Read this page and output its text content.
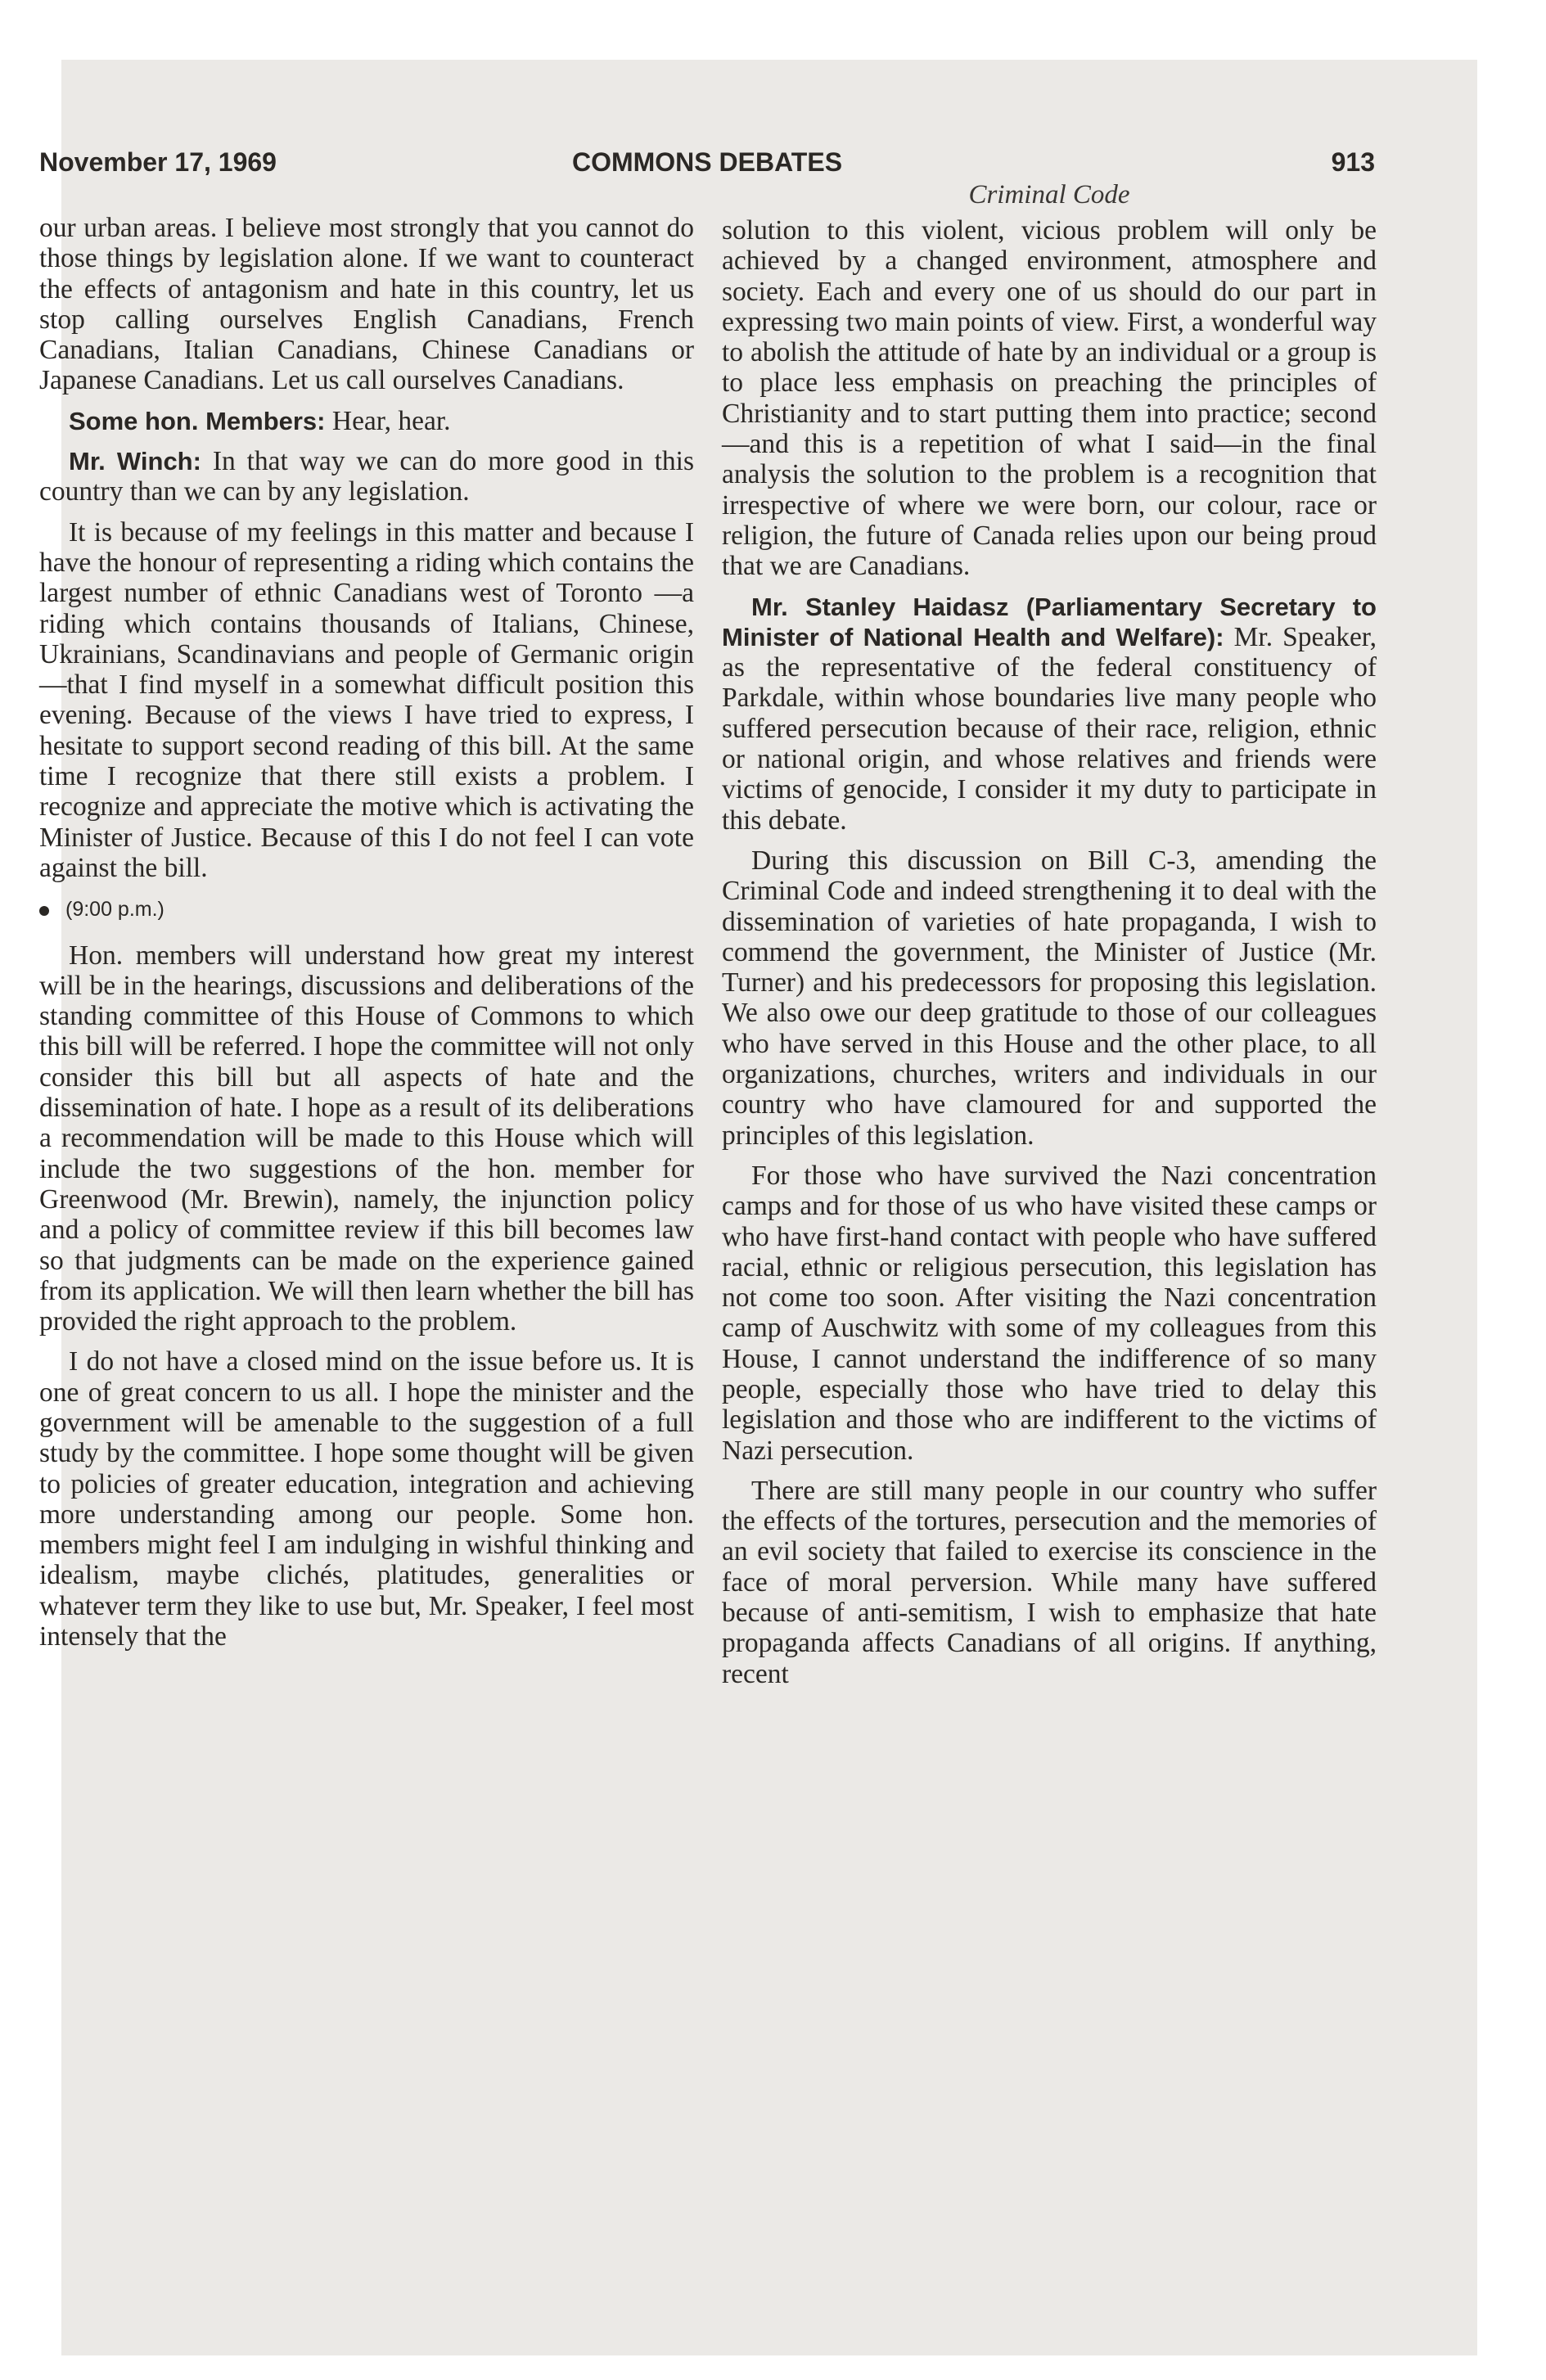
November 17, 1969	COMMONS DEBATES	913
Criminal Code

our urban areas. I believe most strongly that you cannot do those things by legislation alone. If we want to counteract the effects of antagonism and hate in this country, let us stop calling ourselves English Canadians, French Canadians, Italian Canadians, Chinese Canadians or Japanese Canadians. Let us call ourselves Canadians.

Some hon. Members: Hear, hear.

Mr. Winch: In that way we can do more good in this country than we can by any legislation.

It is because of my feelings in this matter and because I have the honour of representing a riding which contains the largest number of ethnic Canadians west of Toronto —a riding which contains thousands of Italians, Chinese, Ukrainians, Scandinavians and people of Germanic origin—that I find myself in a somewhat difficult position this evening. Because of the views I have tried to express, I hesitate to support second reading of this bill. At the same time I recognize that there still exists a problem. I recognize and appreciate the motive which is activating the Minister of Justice. Because of this I do not feel I can vote against the bill.

(9:00 p.m.)

Hon. members will understand how great my interest will be in the hearings, discussions and deliberations of the standing committee of this House of Commons to which this bill will be referred. I hope the committee will not only consider this bill but all aspects of hate and the dissemination of hate. I hope as a result of its deliberations a recommendation will be made to this House which will include the two suggestions of the hon. member for Greenwood (Mr. Brewin), namely, the injunction policy and a policy of committee review if this bill becomes law so that judgments can be made on the experience gained from its application. We will then learn whether the bill has provided the right approach to the problem.

I do not have a closed mind on the issue before us. It is one of great concern to us all. I hope the minister and the government will be amenable to the suggestion of a full study by the committee. I hope some thought will be given to policies of greater education, integration and achieving more understanding among our people. Some hon. members might feel I am indulging in wishful thinking and idealism, maybe clichés, platitudes, generalities or whatever term they like to use but, Mr. Speaker, I feel most intensely that the

solution to this violent, vicious problem will only be achieved by a changed environment, atmosphere and society. Each and every one of us should do our part in expressing two main points of view. First, a wonderful way to abolish the attitude of hate by an individual or a group is to place less emphasis on preaching the principles of Christianity and to start putting them into practice; second—and this is a repetition of what I said—in the final analysis the solution to the problem is a recognition that irrespective of where we were born, our colour, race or religion, the future of Canada relies upon our being proud that we are Canadians.

Mr. Stanley Haidasz (Parliamentary Secretary to Minister of National Health and Welfare): Mr. Speaker, as the representative of the federal constituency of Parkdale, within whose boundaries live many people who suffered persecution because of their race, religion, ethnic or national origin, and whose relatives and friends were victims of genocide, I consider it my duty to participate in this debate.

During this discussion on Bill C-3, amending the Criminal Code and indeed strengthening it to deal with the dissemination of varieties of hate propaganda, I wish to commend the government, the Minister of Justice (Mr. Turner) and his predecessors for proposing this legislation. We also owe our deep gratitude to those of our colleagues who have served in this House and the other place, to all organizations, churches, writers and individuals in our country who have clamoured for and supported the principles of this legislation.

For those who have survived the Nazi concentration camps and for those of us who have visited these camps or who have first-hand contact with people who have suffered racial, ethnic or religious persecution, this legislation has not come too soon. After visiting the Nazi concentration camp of Auschwitz with some of my colleagues from this House, I cannot understand the indifference of so many people, especially those who have tried to delay this legislation and those who are indifferent to the victims of Nazi persecution.

There are still many people in our country who suffer the effects of the tortures, persecution and the memories of an evil society that failed to exercise its conscience in the face of moral perversion. While many have suffered because of anti-semitism, I wish to emphasize that hate propaganda affects Canadians of all origins. If anything, recent
